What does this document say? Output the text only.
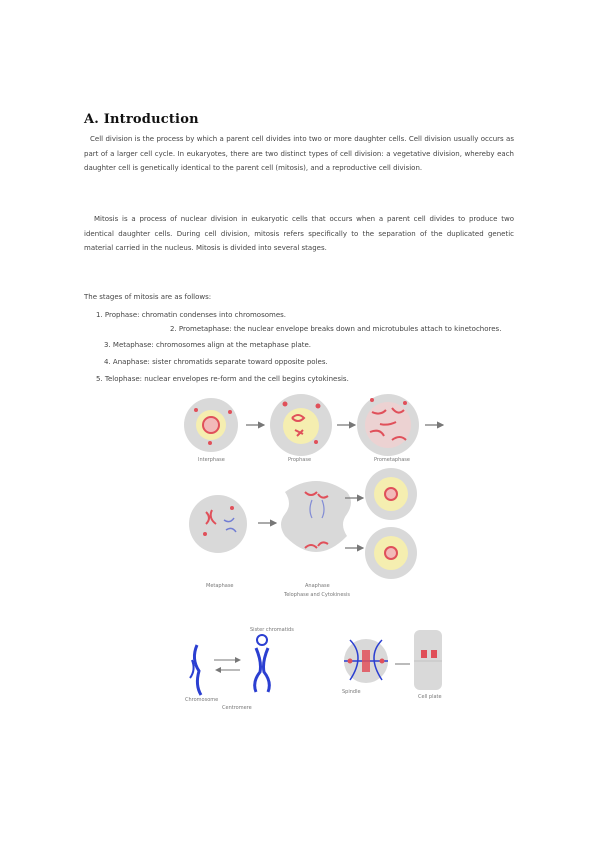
A. Introduction

Cell division is the process by which a parent cell divides into two or more daughter cells. Cell division usually occurs as part of a larger cell cycle. In eukaryotes, there are two distinct types of cell division: a vegetative division, whereby each daughter cell is genetically identical to the parent cell (mitosis), and a reproductive cell division.

Mitosis is a process of nuclear division in eukaryotic cells that occurs when a parent cell divides to produce two identical daughter cells. During cell division, mitosis refers specifically to the separation of the duplicated genetic material carried in the nucleus. Mitosis is divided into several stages.

The stages of mitosis are as follows:
1. Prophase: chromatin condenses into chromosomes.
2. Prometaphase: the nuclear envelope breaks down and microtubules attach to kinetochores.
3. Metaphase: chromosomes align at the metaphase plate.
4. Anaphase: sister chromatids separate toward opposite poles.
5. Telophase: nuclear envelopes re-form and the cell begins cytokinesis.
Interphase	Prophase	Prometaphase
Metaphase	Anaphase
Telophase and Cytokinesis
Chromosome
Sister chromatids
Centromere
Spindle
Cell plate
